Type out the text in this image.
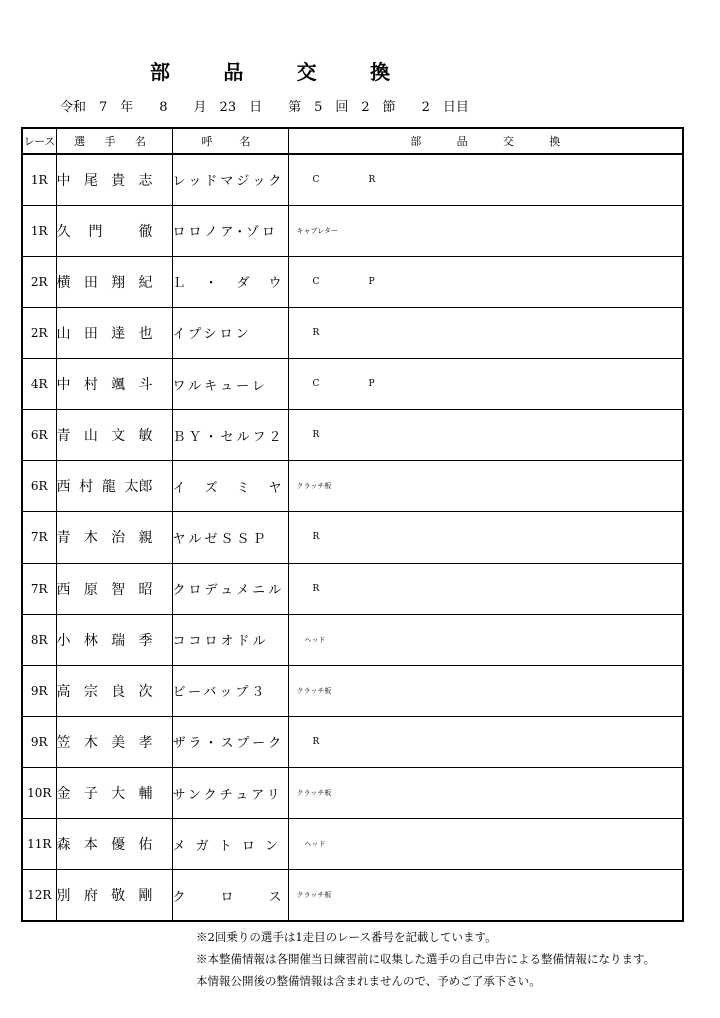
部	品	交	換
令和　7　年　　8　　月　23　日　　第　5　回　2　節　　2　日目
レース	選 手 名	呼　名	部 品 交 換

1R	中 尾 貴 志	レッドマジック	C R

1R	久 門 徹	ロロノア･ゾロ	キャブレター

2R	横 田 翔 紀	Ｌ　・　ダ　ウ	C P

2R	山 田 達 也	イプシロン	R

4R	中 村 颯 斗	ワルキューレ	C P

6R	青 山 文 敏	ＢＹ・セルフ２	R

6R	西 村 龍 太郎	イ　ズ　ミ　ヤ	クラッチ板

7R	青 木 治 親	ヤルゼＳＳＰ	R

7R	西 原 智 昭	クロデュメニル	R

8R	小 林 瑞 季	ココロオドル	ヘッド

9R	高 宗 良 次	ビーバップ３	クラッチ板

9R	笠 木 美 孝	ザラ・スプーク	R

10R	金 子 大 輔	サンクチュアリ	クラッチ板

11R	森 本 優 佑	メ ガ ト ロ ン	ヘッド

12R	別 府 敬 剛	ク　　ロ　　ス	クラッチ板
※2回乗りの選手は1走目のレース番号を記載しています。
※本整備情報は各開催当日練習前に収集した選手の自己申告による整備情報になります。
本情報公開後の整備情報は含まれませんので、予めご了承下さい。
